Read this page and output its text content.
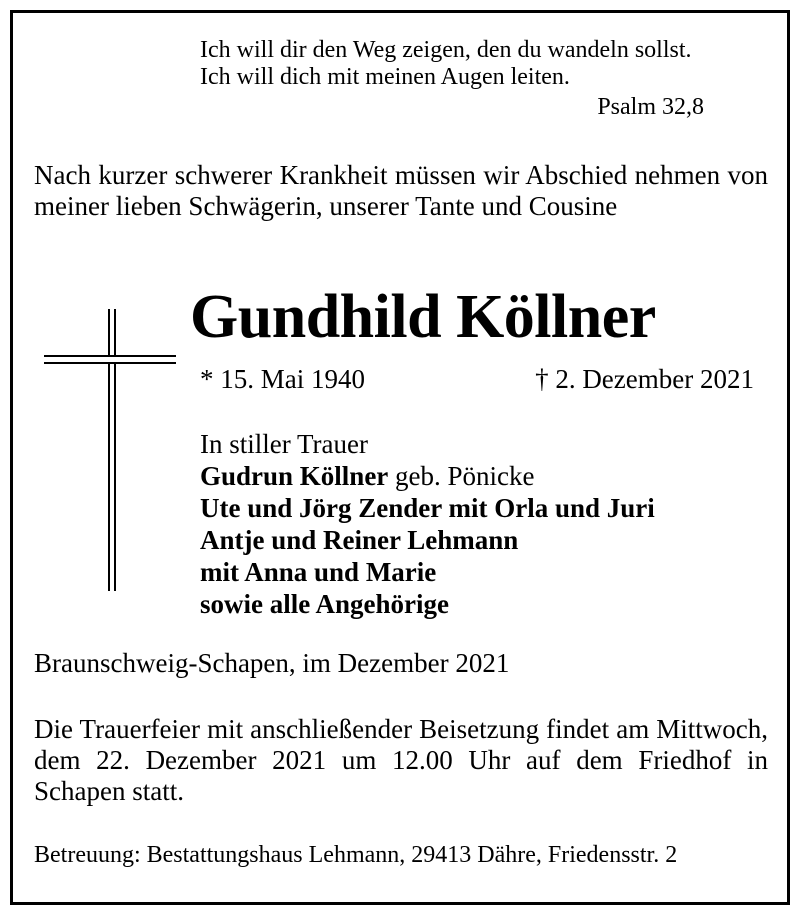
Ich will dir den Weg zeigen, den du wandeln sollst.
Ich will dich mit meinen Augen leiten.
Psalm 32,8
Nach kurzer schwerer Krankheit müssen wir Abschied nehmen von meiner lieben Schwägerin, unserer Tante und Cousine
Gundhild Köllner
* 15. Mai 1940	† 2. Dezember 2021
In stiller Trauer
Gudrun Köllner geb. Pönicke
Ute und Jörg Zender mit Orla und Juri
Antje und Reiner Lehmann
mit Anna und Marie
sowie alle Angehörige
Braunschweig-Schapen, im Dezember 2021
Die Trauerfeier mit anschließender Beisetzung findet am Mittwoch, dem 22. Dezember 2021 um 12.00 Uhr auf dem Friedhof in Schapen statt.
Betreuung: Bestattungshaus Lehmann, 29413 Dähre, Friedensstr. 2
